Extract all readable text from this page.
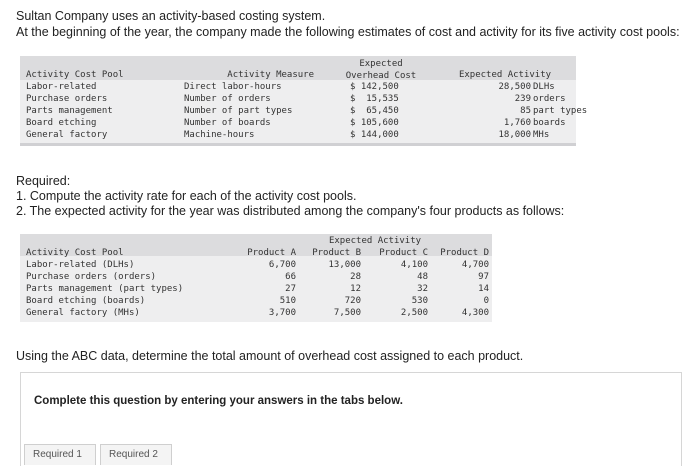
Sultan Company uses an activity-based costing system.
At the beginning of the year, the company made the following estimates of cost and activity for its five activity cost pools:
Activity Cost Pool
Labor-related
Purchase orders
Parts management
Board etching
General factory
Activity Measure
Direct labor-hours
Number of orders
Number of part types
Number of boards
Machine-hours
Expected
Overhead Cost
$ 142,500
$  15,535
$  65,450
$ 105,600
$ 144,000
Expected Activity
28,500
239
85
1,760
18,000
DLHs
orders
part types
boards
MHs
Required:
1. Compute the activity rate for each of the activity cost pools.
2. The expected activity for the year was distributed among the company's four products as follows:
Expected Activity
Activity Cost Pool
Labor-related (DLHs)
Purchase orders (orders)
Parts management (part types)
Board etching (boards)
General factory (MHs)
Product A
6,700
66
27
510
3,700
Product B
13,000
28
12
720
7,500
Product C
4,100
48
32
530
2,500
Product D
4,700
97
14
0
4,300
Using the ABC data, determine the total amount of overhead cost assigned to each product.
Complete this question by entering your answers in the tabs below.
Required 1	Required 2
